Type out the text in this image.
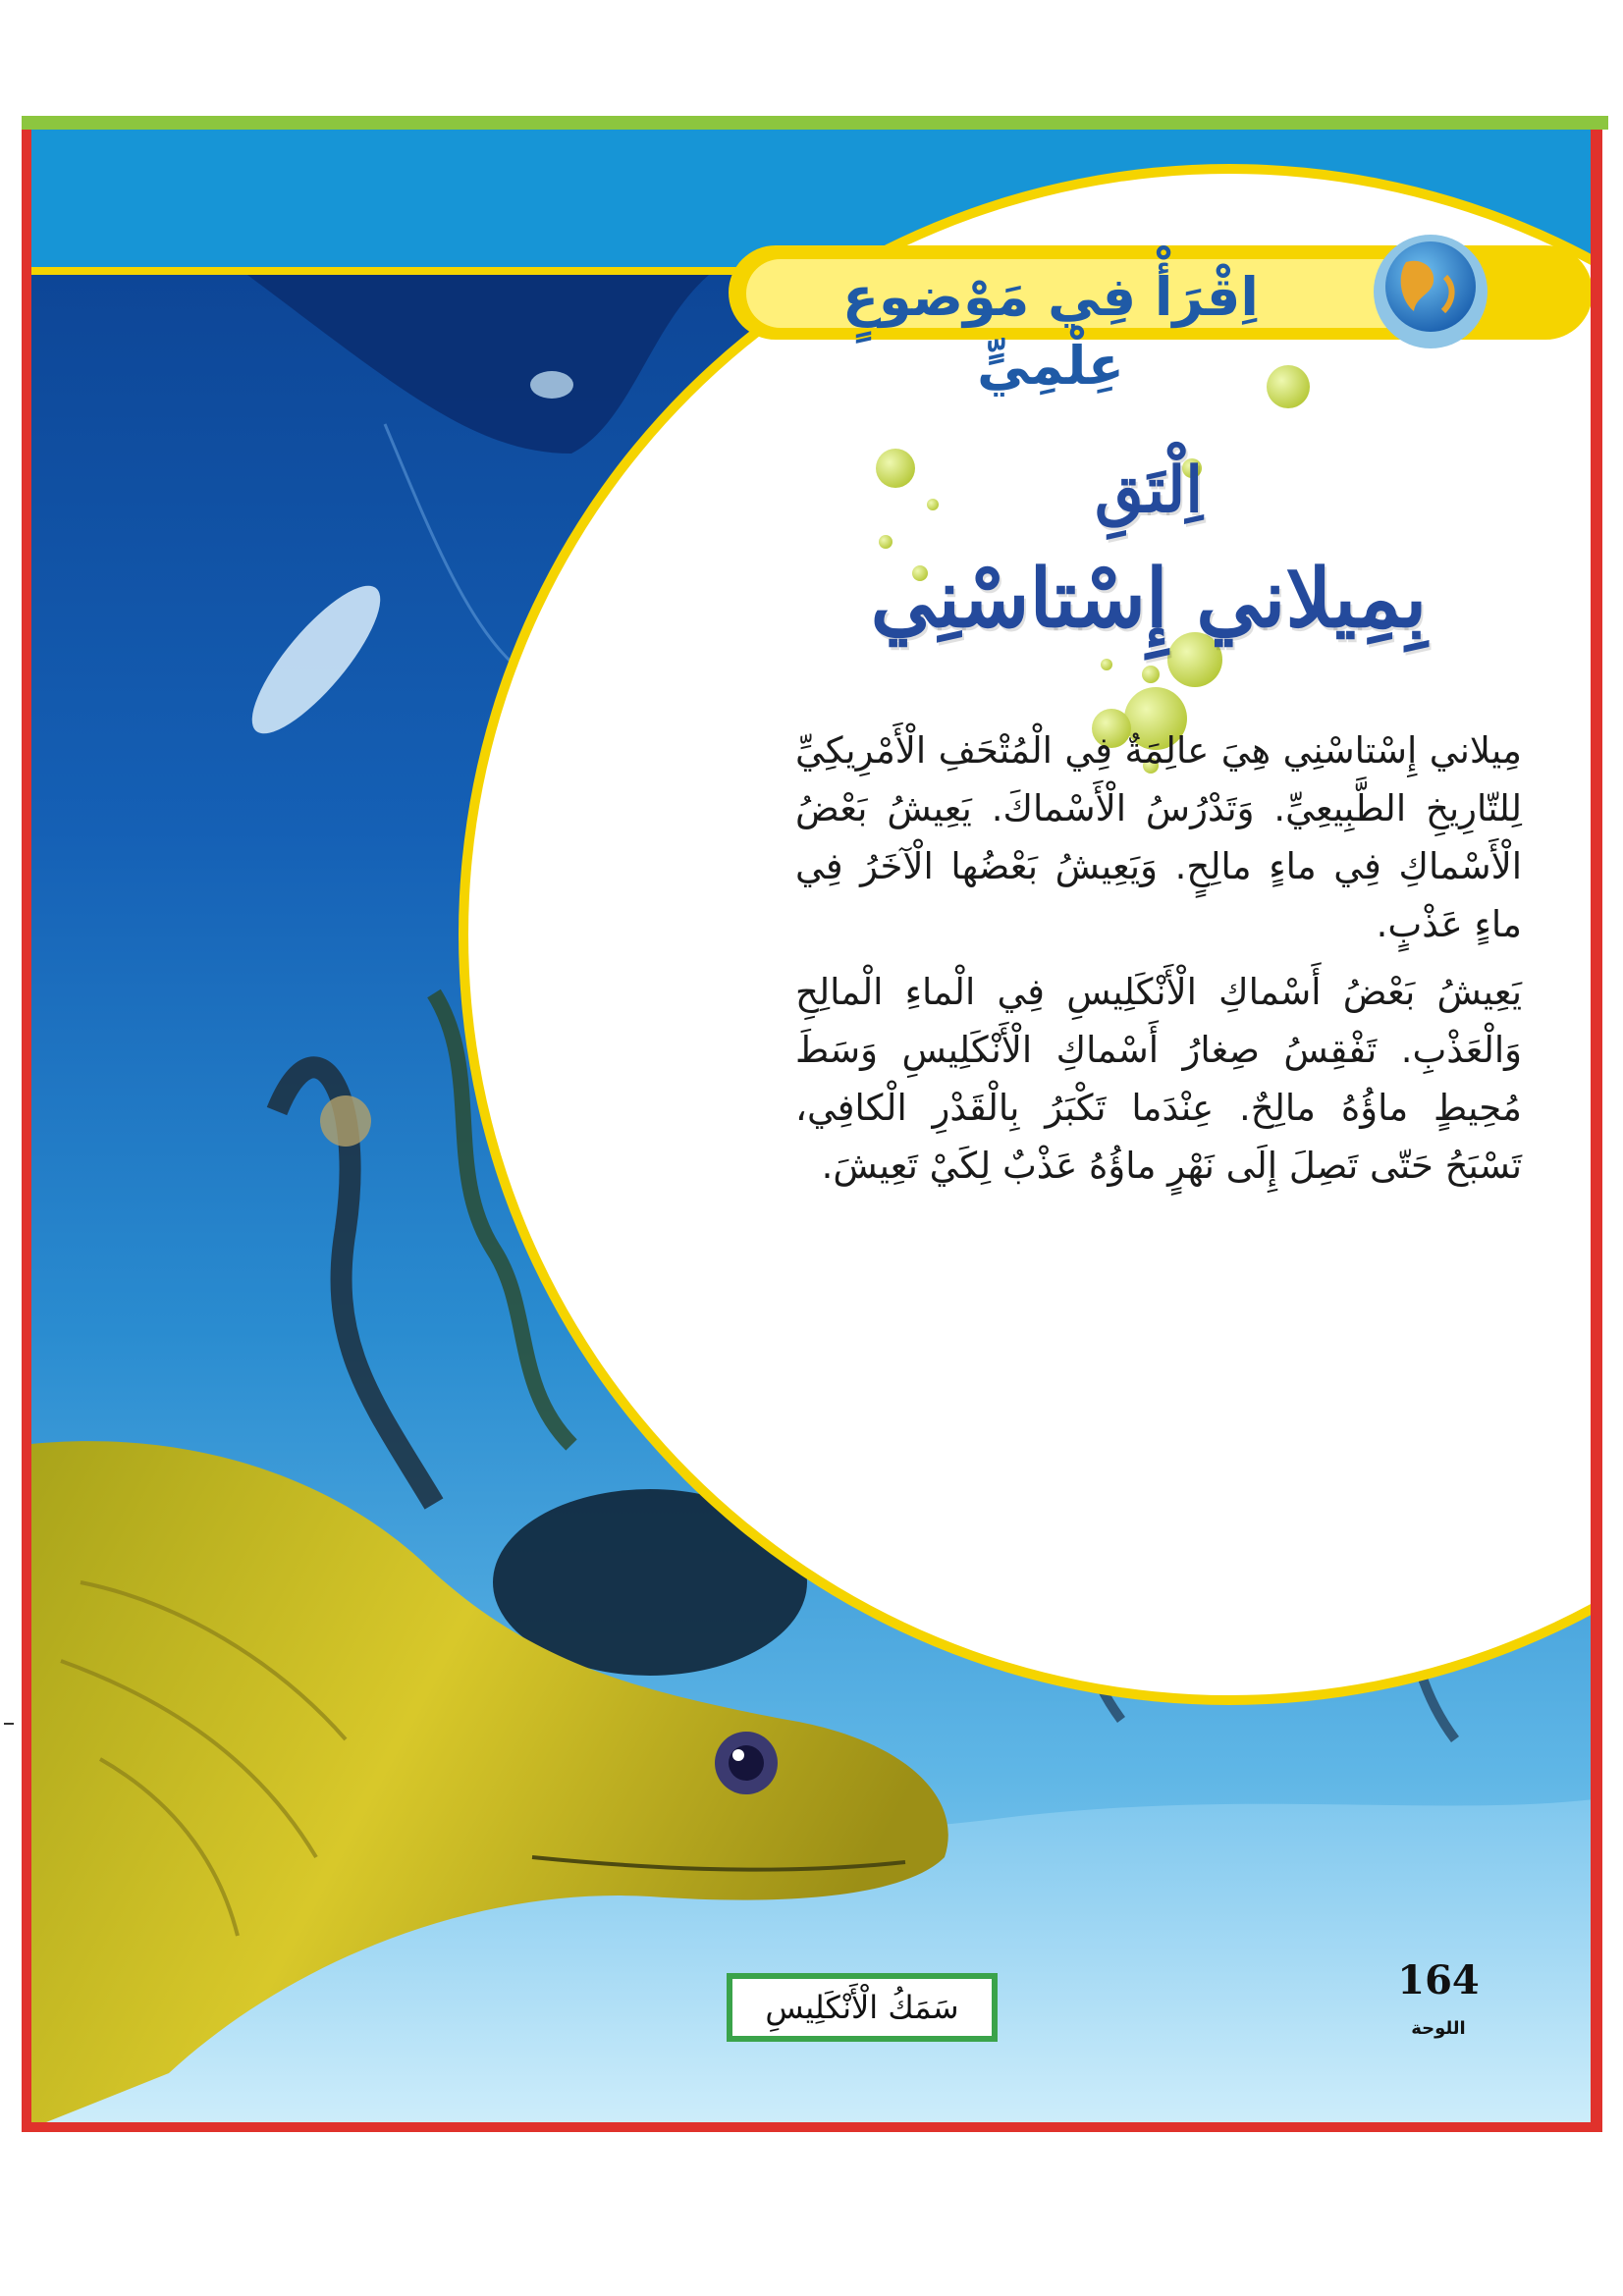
اِقْرَأْ فِي مَوْضوعٍ عِلْمِيٍّ
اِلْتَقِ
بِمِيلاني إِسْتاسْنِي

مِيلاني إِسْتاسْنِي هِيَ عالِمَةٌ فِي الْمُتْحَفِ الْأَمْرِيكِيِّ لِلتّارِيخِ الطَّبِيعِيِّ. وَتَدْرُسُ الْأَسْماكَ. يَعِيشُ بَعْضُ الْأَسْماكِ فِي ماءٍ مالِحٍ. وَيَعِيشُ بَعْضُها الْآخَرُ فِي ماءٍ عَذْبٍ.

يَعِيشُ بَعْضُ أَسْماكِ الْأَنْكَلِيسِ فِي الْماءِ الْمالِحِ وَالْعَذْبِ. تَفْقِسُ صِغارُ أَسْماكِ الْأَنْكَلِيسِ وَسَطَ مُحِيطٍ ماؤُهُ مالِحٌ. عِنْدَما تَكْبَرُ بِالْقَدْرِ الْكافِي، تَسْبَحُ حَتّى تَصِلَ إِلَى نَهْرٍ ماؤُهُ عَذْبٌ لِكَيْ تَعِيشَ.

سَمَكُ الْأَنْكَلِيسِ
164
اللوحة
